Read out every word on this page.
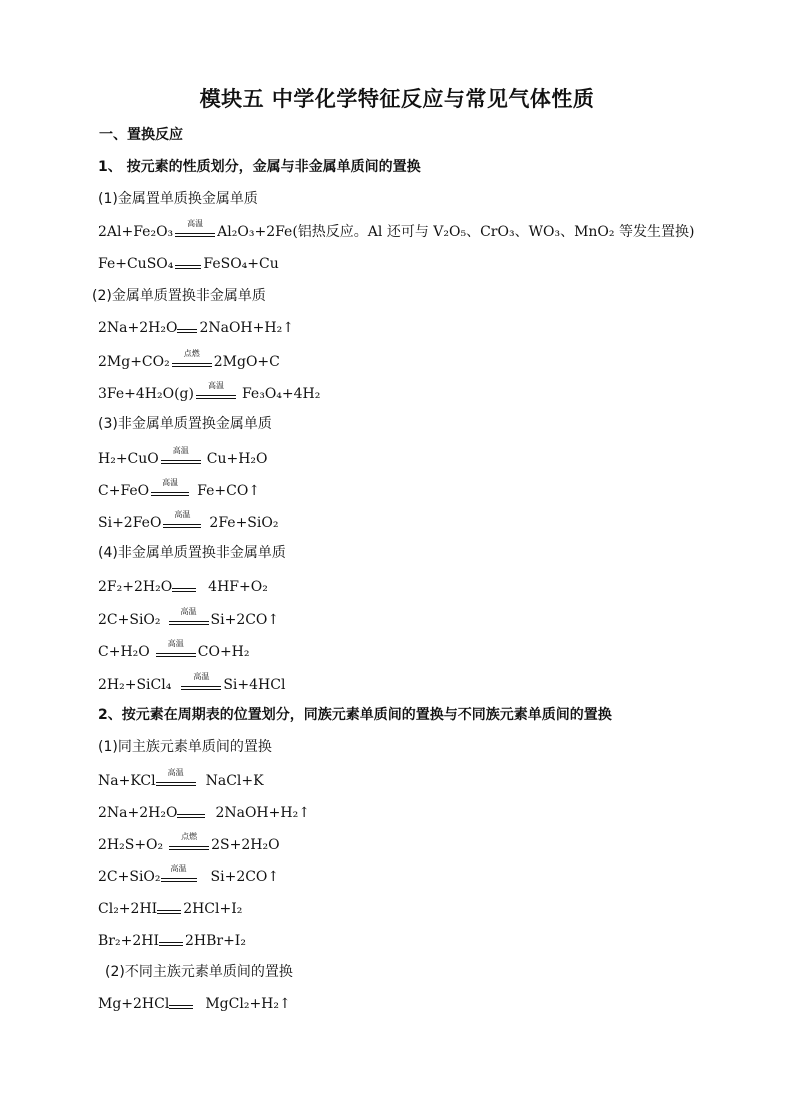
模块五 中学化学特征反应与常见气体性质
一、置换反应
1、 按元素的性质划分，金属与非金属单质间的置换
(1)金属置单质换金属单质
2Al+Fe₂O₃
高温
Al₂O₃+2Fe(铝热反应。Al 还可与 V₂O₅、CrO₃、WO₃、MnO₂ 等发生置换)
Fe+CuSO₄ FeSO₄+Cu
(2)金属单质置换非金属单质
2Na+2H₂O 2NaOH+H₂↑
2Mg+CO₂
点燃
2MgO+C
3Fe+4H₂O(g)
高温
Fe₃O₄+4H₂
(3)非金属单质置换金属单质
H₂+CuO
高温
Cu+H₂O
C+FeO
高温
Fe+CO↑
Si+2FeO
高温
2Fe+SiO₂
(4)非金属单质置换非金属单质
2F₂+2H₂O	4HF+O₂
2C+SiO₂
高温
Si+2CO↑
C+H₂O
高温
CO+H₂
2H₂+SiCl₄
高温
Si+4HCl
2、按元素在周期表的位置划分，同族元素单质间的置换与不同族元素单质间的置换
(1)同主族元素单质间的置换
Na+KCl
高温
NaCl+K
2Na+2H₂O	2NaOH+H₂↑
2H₂S+O₂
点燃
2S+2H₂O
2C+SiO₂
高温
Si+2CO↑
Cl₂+2HI 2HCl+I₂
Br₂+2HI 2HBr+I₂
(2)不同主族元素单质间的置换
Mg+2HCl	MgCl₂+H₂↑
